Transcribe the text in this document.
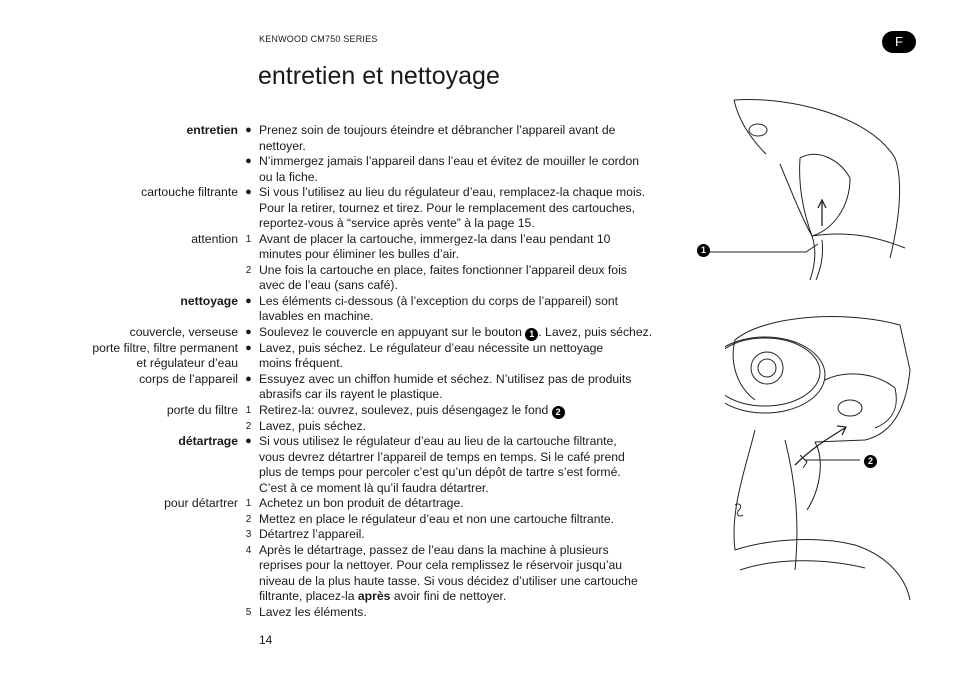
KENWOOD CM750 SERIES	F
entretien et nettoyage
entretien ● Prenez soin de toujours éteindre et débrancher l’appareil avant de
nettoyer.
● N’immergez jamais l’appareil dans l’eau et évitez de mouiller le cordon
ou la fiche.
cartouche filtrante ● Si vous l’utilisez au lieu du régulateur d’eau, remplacez-la chaque mois.
Pour la retirer, tournez et tirez. Pour le remplacement des cartouches,
reportez-vous à “service après vente” à la page 15.
attention 1 Avant de placer la cartouche, immergez-la dans l’eau pendant 10
minutes pour éliminer les bulles d’air.
2 Une fois la cartouche en place, faites fonctionner l’appareil deux fois
avec de l’eau (sans café).
nettoyage ● Les éléments ci-dessous (à l’exception du corps de l’appareil) sont
lavables en machine.
couvercle, verseuse ● Soulevez le couvercle en appuyant sur le bouton 1 . Lavez, puis séchez.
porte filtre, filtre permanent ● Lavez, puis séchez. Le régulateur d’eau nécessite un nettoyage
et régulateur d’eau moins fréquent.
corps de l’appareil ● Essuyez avec un chiffon humide et séchez. N’utilisez pas de produits
abrasifs car ils rayent le plastique.
porte du filtre 1 Retirez-la: ouvrez, soulevez, puis désengagez le fond 2
2 Lavez, puis séchez.
détartrage ● Si vous utilisez le régulateur d’eau au lieu de la cartouche filtrante,
vous devrez détartrer l’appareil de temps en temps. Si le café prend
plus de temps pour percoler c’est qu’un dépôt de tartre s’est formé.
C’est à ce moment là qu’il faudra détartrer.
pour détartrer 1 Achetez un bon produit de détartrage.
2 Mettez en place le régulateur d’eau et non une cartouche filtrante.
3 Détartrez l’appareil.
4 Après le détartrage, passez de l’eau dans la machine à plusieurs
reprises pour la nettoyer. Pour cela remplissez le réservoir jusqu’au
niveau de la plus haute tasse. Si vous décidez d’utiliser une cartouche
filtrante, placez-la après avoir fini de nettoyer.
5 Lavez les éléments.
14
1
2
